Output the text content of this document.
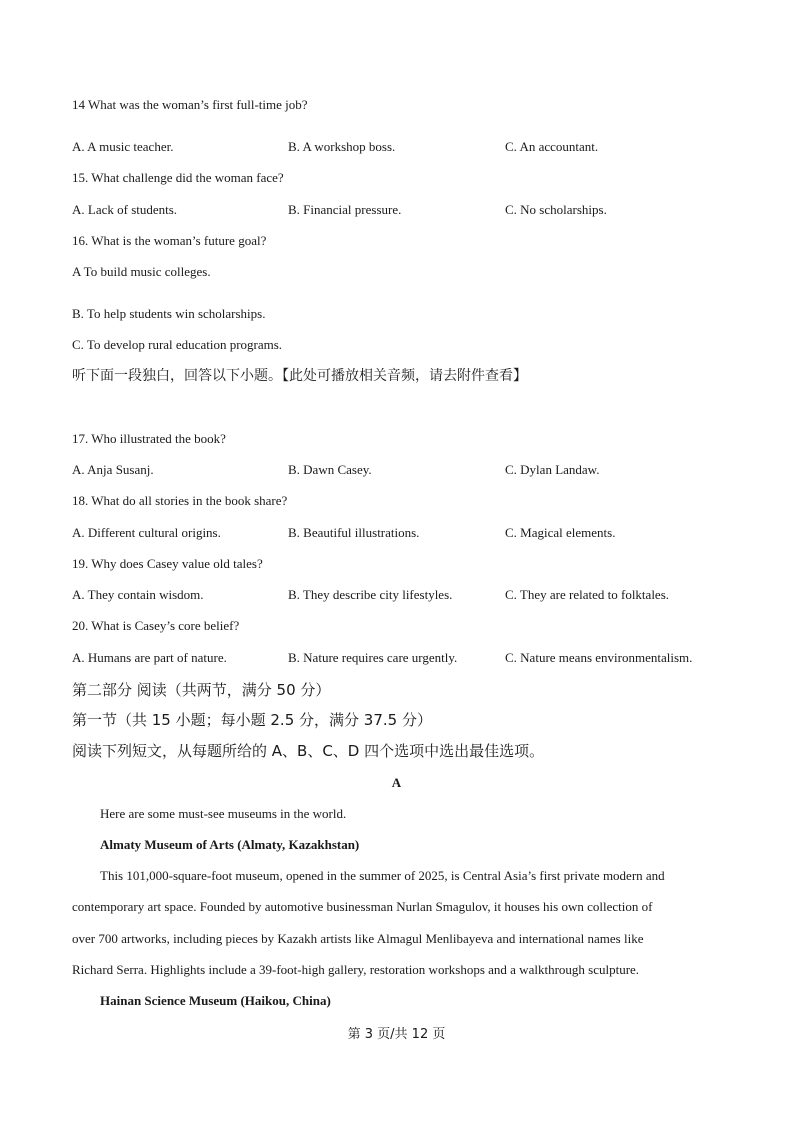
14 What was the woman’s first full-time job?
A. A music teacher.	B. A workshop boss.	C. An accountant.
15. What challenge did the woman face?
A. Lack of students.	B. Financial pressure.	C. No scholarships.
16. What is the woman’s future goal?
A To build music colleges.
B. To help students win scholarships.
C. To develop rural education programs.
听下面一段独白，回答以下小题。【此处可播放相关音频，请去附件查看】
17. Who illustrated the book?
A. Anja Susanj.	B. Dawn Casey.	C. Dylan Landaw.
18. What do all stories in the book share?
A. Different cultural origins.	B. Beautiful illustrations.	C. Magical elements.
19. Why does Casey value old tales?
A. They contain wisdom.	B. They describe city lifestyles.	C. They are related to folktales.
20. What is Casey’s core belief?
A. Humans are part of nature.	B. Nature requires care urgently.	C. Nature means environmentalism.
第二部分 阅读（共两节，满分 50 分）
第一节（共 15 小题；每小题 2.5 分，满分 37.5 分）
阅读下列短文，从每题所给的 A、B、C、D 四个选项中选出最佳选项。
A
Here are some must-see museums in the world.
Almaty Museum of Arts (Almaty, Kazakhstan)
This 101,000-square-foot museum, opened in the summer of 2025, is Central Asia’s first private modern and
contemporary art space. Founded by automotive businessman Nurlan Smagulov, it houses his own collection of
over 700 artworks, including pieces by Kazakh artists like Almagul Menlibayeva and international names like
Richard Serra. Highlights include a 39-foot-high gallery, restoration workshops and a walkthrough sculpture.
Hainan Science Museum (Haikou, China)
第 3 页/共 12 页
